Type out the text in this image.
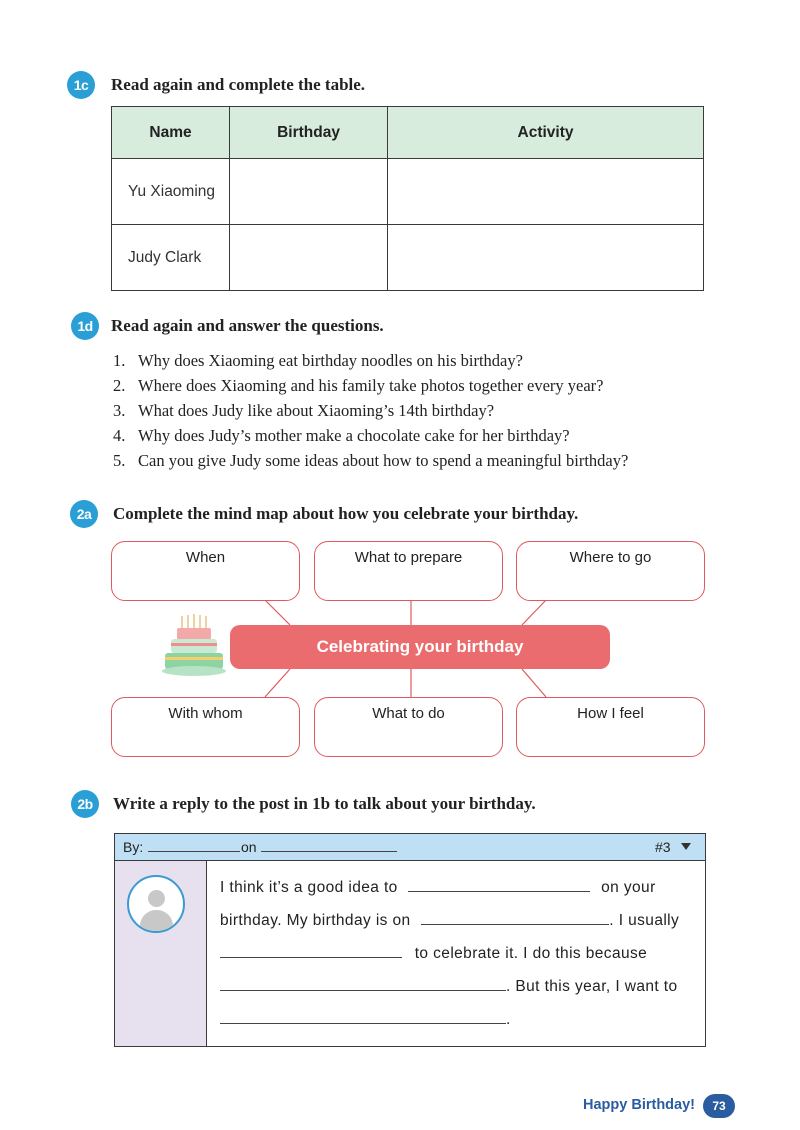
1c	Read again and complete the table.
Name	Birthday	Activity
Yu Xiaoming		
Judy Clark		
1d	Read again and answer the questions.
1. Why does Xiaoming eat birthday noodles on his birthday?
2. Where does Xiaoming and his family take photos together every year?
3. What does Judy like about Xiaoming’s 14th birthday?
4. Why does Judy’s mother make a chocolate cake for her birthday?
5. Can you give Judy some ideas about how to spend a meaningful birthday?
2a	Complete the mind map about how you celebrate your birthday.
When	What to prepare	Where to go
Celebrating your birthday
With whom	What to do	How I feel
2b	Write a reply to the post in 1b to talk about your birthday.
By:	on	#3
I think it’s a good idea to	on your
birthday. My birthday is on	. I usually
to celebrate it. I do this because
. But this year, I want to
.
Happy Birthday!	73
